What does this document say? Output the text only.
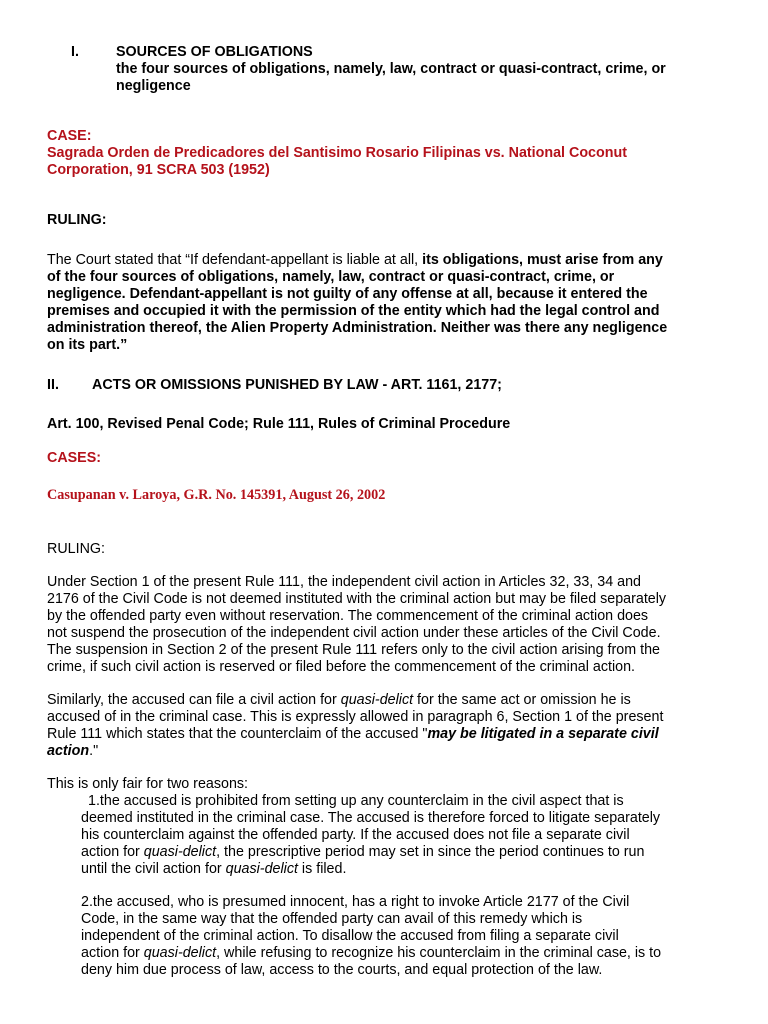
I.	SOURCES OF OBLIGATIONS
the four sources of obligations, namely, law, contract or quasi-contract, crime, or
negligence
CASE:
Sagrada Orden de Predicadores del Santisimo Rosario Filipinas vs. National Coconut
Corporation, 91 SCRA 503 (1952)
RULING:

The Court stated that “If defendant-appellant is liable at all, its obligations, must arise from any

of the four sources of obligations, namely, law, contract or quasi-contract, crime, or

negligence. Defendant-appellant is not guilty of any offense at all, because it entered the

premises and occupied it with the permission of the entity which had the legal control and

administration thereof, the Alien Property Administration. Neither was there any negligence

on its part.”

II. ACTS OR OMISSIONS PUNISHED BY LAW - ART. 1161, 2177;
Art. 100, Revised Penal Code; Rule 111, Rules of Criminal Procedure
CASES:
Casupanan v. Laroya, G.R. No. 145391, August 26, 2002
RULING:

Under Section 1 of the present Rule 111, the independent civil action in Articles 32, 33, 34 and

2176 of the Civil Code is not deemed instituted with the criminal action but may be filed separately

by the offended party even without reservation. The commencement of the criminal action does

not suspend the prosecution of the independent civil action under these articles of the Civil Code.

The suspension in Section 2 of the present Rule 111 refers only to the civil action arising from the

crime, if such civil action is reserved or filed before the commencement of the criminal action.

Similarly, the accused can file a civil action for quasi-delict for the same act or omission he is

accused of in the criminal case. This is expressly allowed in paragraph 6, Section 1 of the present

Rule 111 which states that the counterclaim of the accused "may be litigated in a separate civil

action."

This is only fair for two reasons:

1.the accused is prohibited from setting up any counterclaim in the civil aspect that is

deemed instituted in the criminal case. The accused is therefore forced to litigate separately

his counterclaim against the offended party. If the accused does not file a separate civil

action for quasi-delict, the prescriptive period may set in since the period continues to run

until the civil action for quasi-delict is filed.

2.the accused, who is presumed innocent, has a right to invoke Article 2177 of the Civil

Code, in the same way that the offended party can avail of this remedy which is

independent of the criminal action. To disallow the accused from filing a separate civil

action for quasi-delict, while refusing to recognize his counterclaim in the criminal case, is to

deny him due process of law, access to the courts, and equal protection of the law.
